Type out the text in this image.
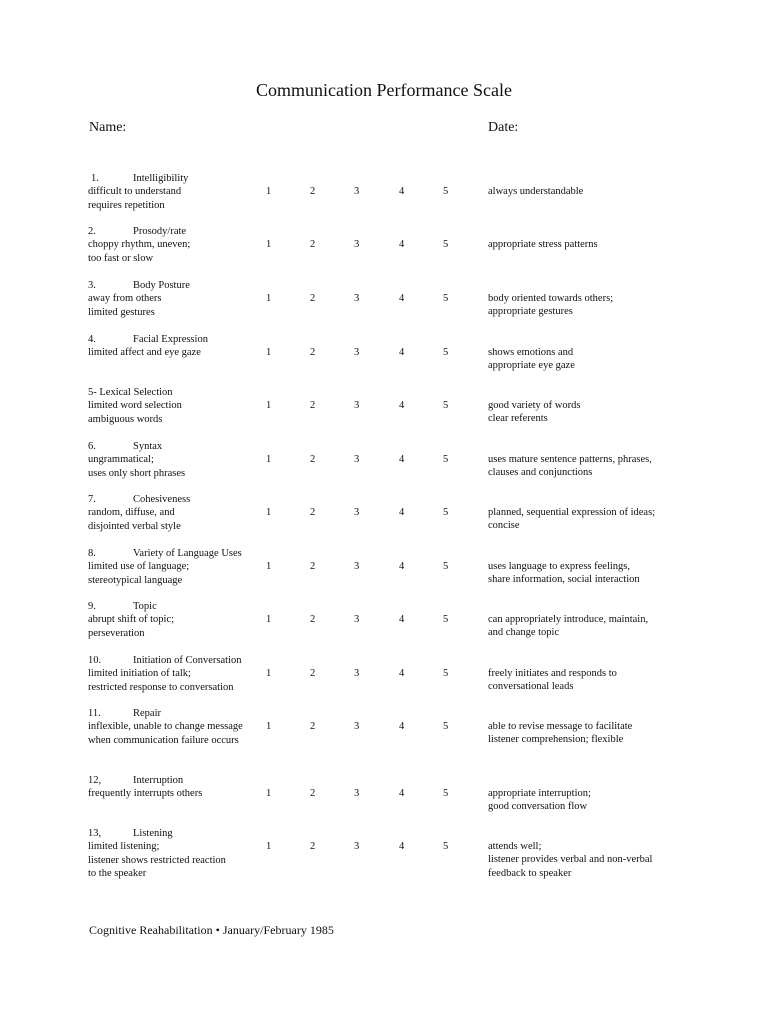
Communication Performance Scale
Name:	Date:
1.	Intelligibility
difficult to understand
requires repetition
1	2	3	4	5	always understandable
2.	Prosody/rate
choppy rhythm, uneven;
too fast or slow
1	2	3	4	5	appropriate stress patterns
3.	Body Posture
away from others
limited gestures
1	2	3	4	5	body oriented towards others;
appropriate gestures
4.	Facial Expression
limited affect and eye gaze	1	2	3	4	5	shows emotions and
appropriate eye gaze
5- Lexical Selection
limited word selection
ambiguous words
1	2	3	4	5	good variety of words
clear referents
6.	Syntax
ungrammatical;
uses only short phrases
1	2	3	4	5	uses mature sentence patterns, phrases,
clauses and conjunctions
7.	Cohesiveness
random, diffuse, and
disjointed verbal style
1	2	3	4	5	planned, sequential expression of ideas;
concise
8.	Variety of Language Uses
limited use of language;
stereotypical language
1	2	3	4	5	uses language to express feelings,
share information, social interaction
9.	Topic
abrupt shift of topic;
perseveration
1	2	3	4	5	can appropriately introduce, maintain,
and change topic
10.	Initiation of Conversation
limited initiation of talk;
restricted response to conversation
1	2	3	4	5	freely initiates and responds to
conversational leads
11.	Repair
inflexible, unable to change message
when communication failure occurs
1	2	3	4	5	able to revise message to facilitate
listener comprehension; flexible
12,	Interruption
frequently interrupts others	1	2	3	4	5	appropriate interruption;
good conversation flow
13,	Listening
limited listening;
listener shows restricted reaction
to the speaker
1	2	3	4	5	attends well;
listener provides verbal and non-verbal
feedback to speaker
Cognitive Reahabilitation • January/February 1985
